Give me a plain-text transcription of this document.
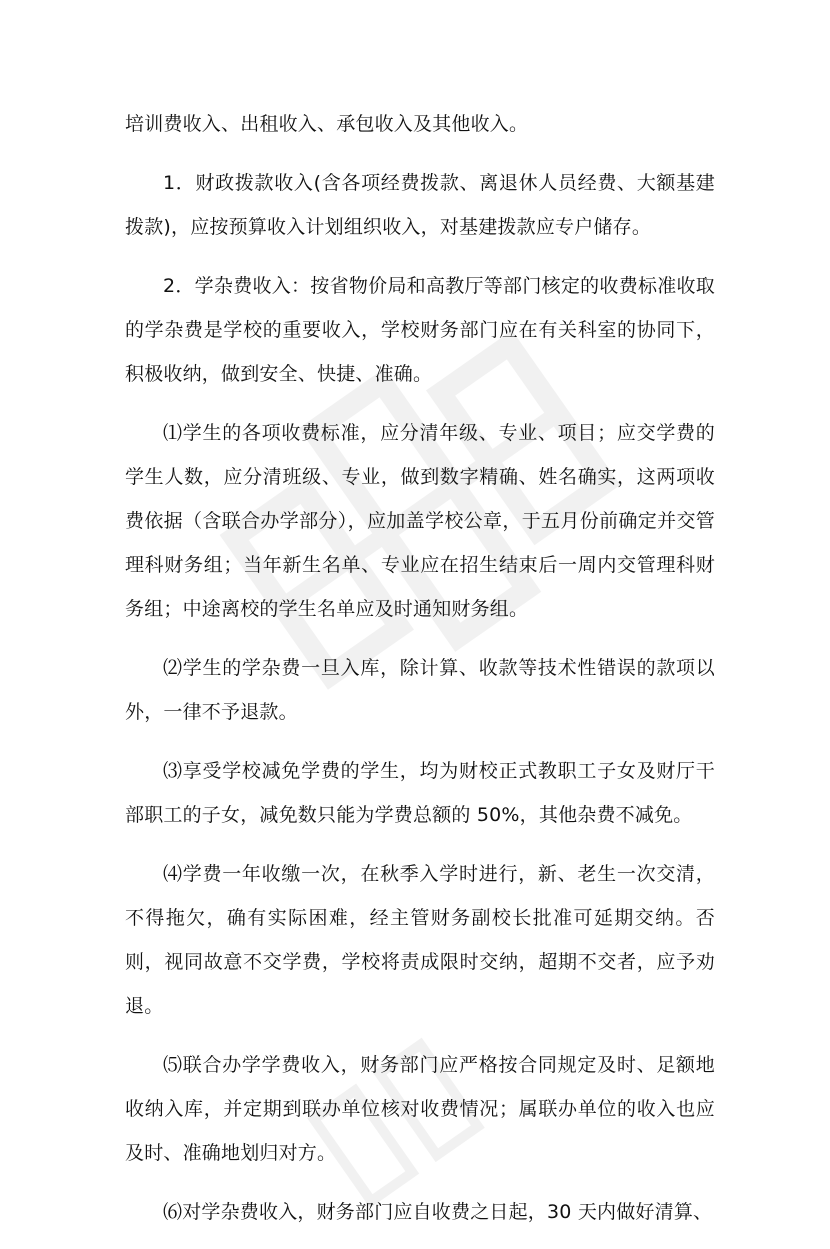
培训费收入、出租收入、承包收入及其他收入。

1．财政拨款收入(含各项经费拨款、离退休人员经费、大额基建拨款)，应按预算收入计划组织收入，对基建拨款应专户储存。

2．学杂费收入：按省物价局和高教厅等部门核定的收费标准收取的学杂费是学校的重要收入，学校财务部门应在有关科室的协同下，积极收纳，做到安全、快捷、准确。

⑴学生的各项收费标准，应分清年级、专业、项目；应交学费的学生人数，应分清班级、专业，做到数字精确、姓名确实，这两项收费依据（含联合办学部分），应加盖学校公章，于五月份前确定并交管理科财务组；当年新生名单、专业应在招生结束后一周内交管理科财务组；中途离校的学生名单应及时通知财务组。

⑵学生的学杂费一旦入库，除计算、收款等技术性错误的款项以外，一律不予退款。

⑶享受学校减免学费的学生，均为财校正式教职工子女及财厅干部职工的子女，减免数只能为学费总额的 50%，其他杂费不减免。

⑷学费一年收缴一次，在秋季入学时进行，新、老生一次交清，不得拖欠，确有实际困难，经主管财务副校长批准可延期交纳。否则，视同故意不交学费，学校将责成限时交纳，超期不交者，应予劝退。

⑸联合办学学费收入，财务部门应严格按合同规定及时、足额地收纳入库，并定期到联办单位核对收费情况；属联办单位的收入也应及时、准确地划归对方。

⑹对学杂费收入，财务部门应自收费之日起，30 天内做好清算、
